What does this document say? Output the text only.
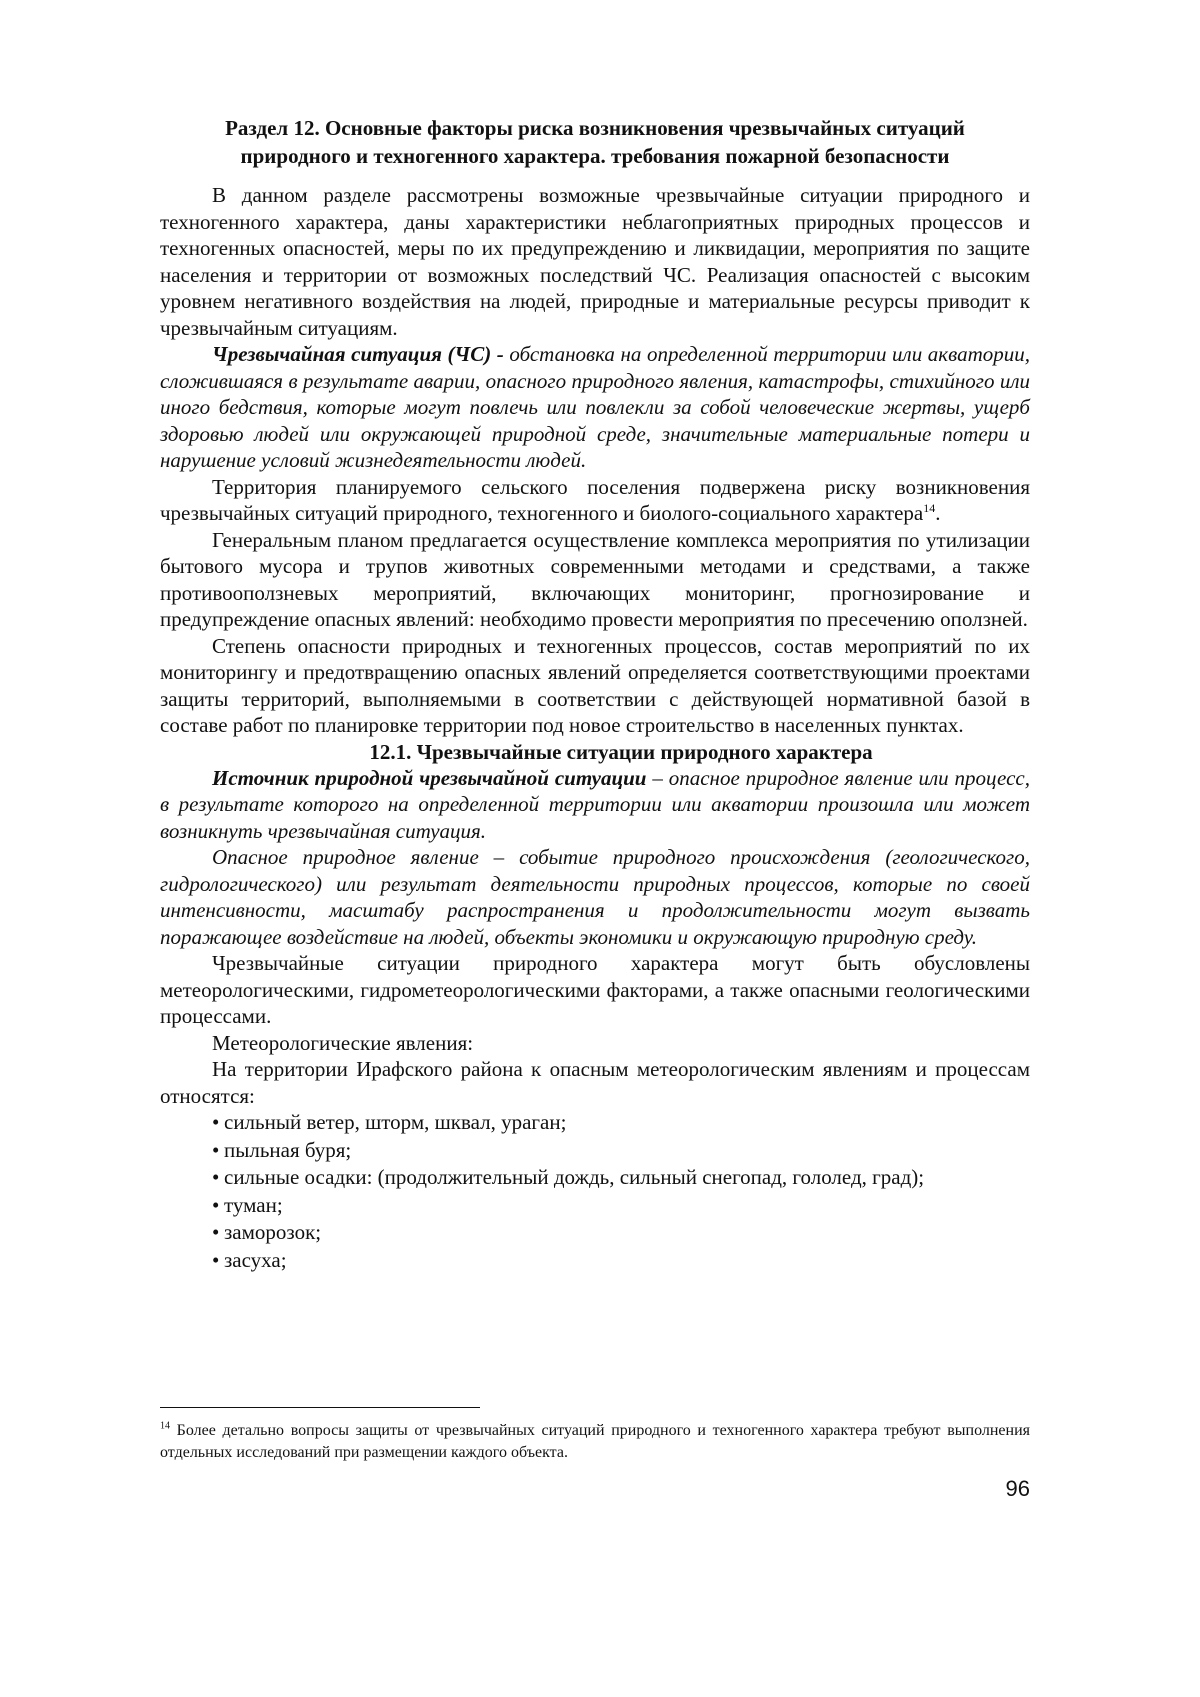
Раздел 12. Основные факторы риска возникновения чрезвычайных ситуаций
природного и техногенного характера. требования пожарной безопасности

В данном разделе рассмотрены возможные чрезвычайные ситуации природного и техногенного характера, даны характеристики неблагоприятных природных процессов и техногенных опасностей, меры по их предупреждению и ликвидации, мероприятия по защите населения и территории от возможных последствий ЧС. Реализация опасностей с высоким уровнем негативного воздействия на людей, природные и материальные ресурсы приводит к чрезвычайным ситуациям.

Чрезвычайная ситуация (ЧС) - обстановка на определенной территории или акватории, сложившаяся в результате аварии, опасного природного явления, катастрофы, стихийного или иного бедствия, которые могут повлечь или повлекли за собой человеческие жертвы, ущерб здоровью людей или окружающей природной среде, значительные материальные потери и нарушение условий жизнедеятельности людей.

Территория планируемого сельского поселения подвержена риску возникновения чрезвычайных ситуаций природного, техногенного и биолого-социального характера$^{14}$.

Генеральным планом предлагается осуществление комплекса мероприятия по утилизации бытового мусора и трупов животных современными методами и средствами, а также противооползневых мероприятий, включающих мониторинг, прогнозирование и предупреждение опасных явлений: необходимо провести мероприятия по пресечению оползней.

Степень опасности природных и техногенных процессов, состав мероприятий по их мониторингу и предотвращению опасных явлений определяется соответствующими проектами защиты территорий, выполняемыми в соответствии с действующей нормативной базой в составе работ по планировке территории под новое строительство в населенных пунктах.

12.1. Чрезвычайные ситуации природного характера

Источник природной чрезвычайной ситуации – опасное природное явление или процесс, в результате которого на определенной территории или акватории произошла или может возникнуть чрезвычайная ситуация.

Опасное природное явление – событие природного происхождения (геологического, гидрологического) или результат деятельности природных процессов, которые по своей интенсивности, масштабу распространения и продолжительности могут вызвать поражающее воздействие на людей, объекты экономики и окружающую природную среду.

Чрезвычайные ситуации природного характера могут быть обусловлены метеорологическими, гидрометеорологическими факторами, а также опасными геологическими процессами.

Метеорологические явления:

На территории Ирафского района к опасным метеорологическим явлениям и процессам относятся:

• сильный ветер, шторм, шквал, ураган;
• пыльная буря;
• сильные осадки: (продолжительный дождь, сильный снегопад, гололед, град);
• туман;
• заморозок;
• засуха;
$^{14}$ Более детально вопросы защиты от чрезвычайных ситуаций природного и техногенного характера требуют выполнения отдельных исследований при размещении каждого объекта.
96
